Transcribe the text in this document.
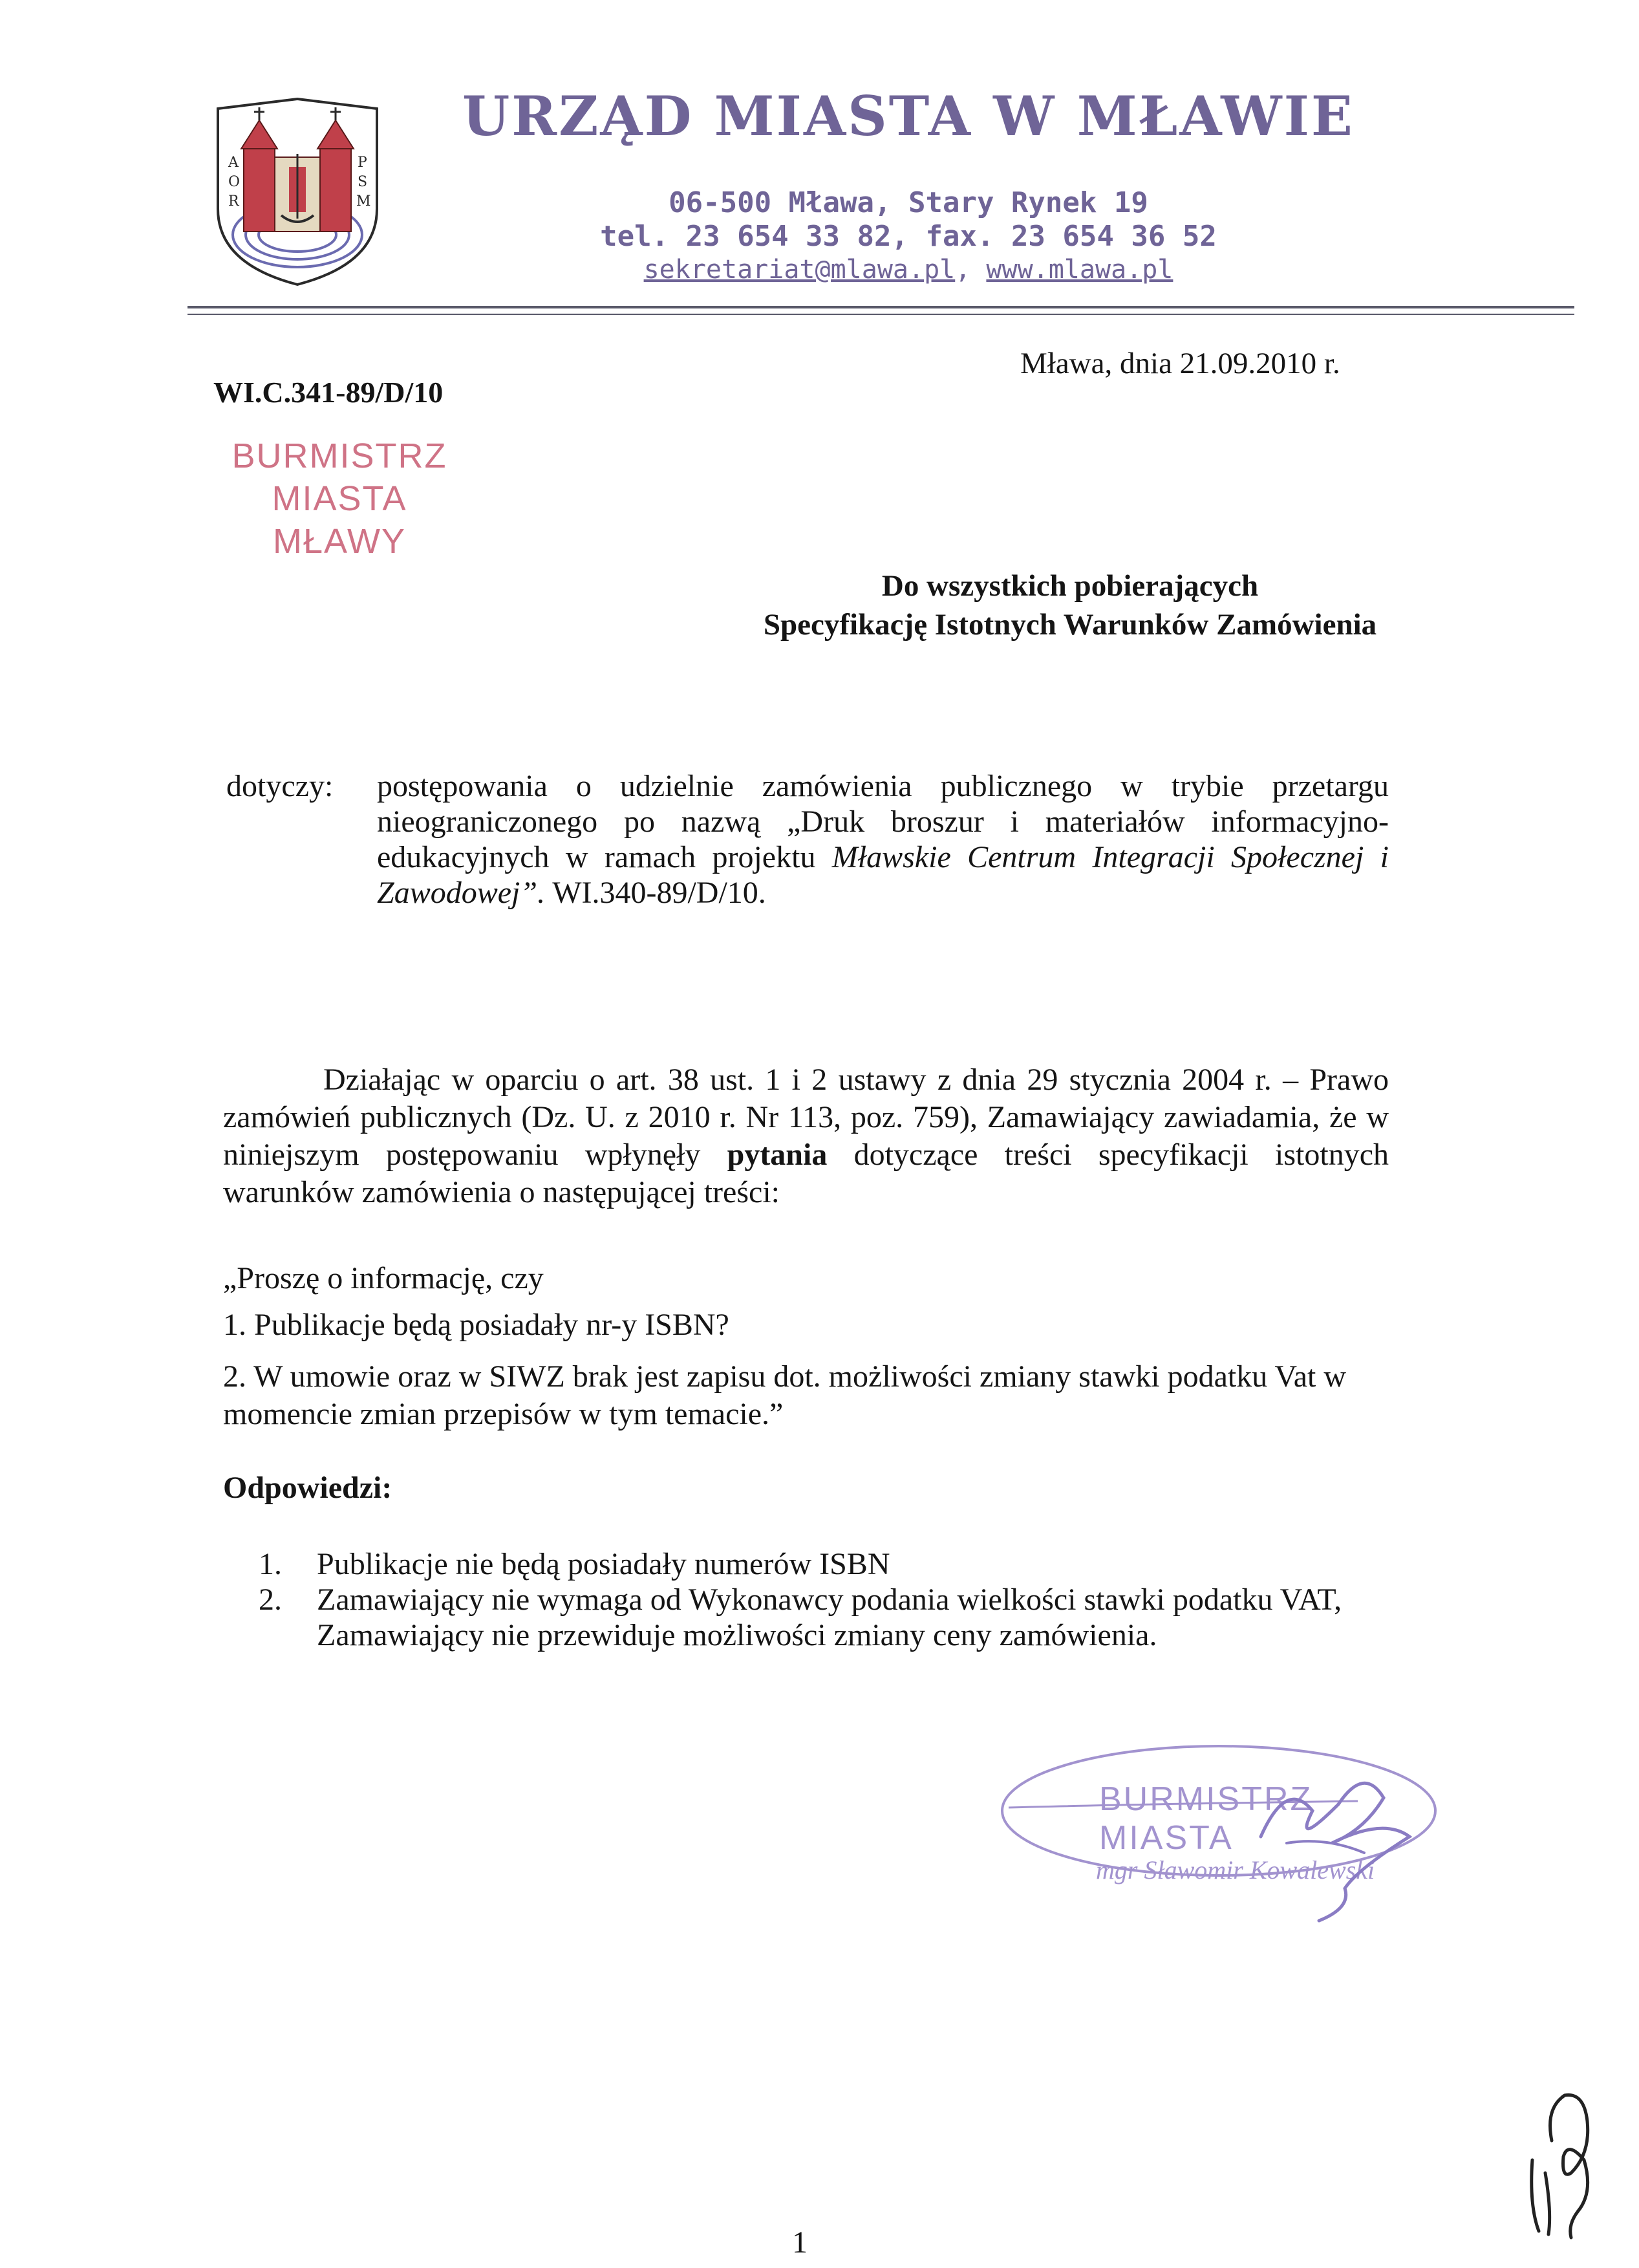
A
O
R
P
S
M
URZĄD MIASTA W MŁAWIE
06-500 Mława, Stary Rynek 19
tel. 23 654 33 82, fax. 23 654 36 52
sekretariat@mlawa.pl, www.mlawa.pl
WI.C.341-89/D/10
Mława, dnia 21.09.2010 r.
BURMISTRZ
MIASTA MŁAWY
Do wszystkich pobierających
Specyfikację Istotnych Warunków Zamówienia
dotyczy: postępowania o udzielnie zamówienia publicznego w trybie przetargu nieograniczonego po nazwą „Druk broszur i materiałów informacyjno-edukacyjnych w ramach projektu Mławskie Centrum Integracji Społecznej i Zawodowej”. WI.340-89/D/10.
Działając w oparciu o art. 38 ust. 1 i 2 ustawy z dnia 29 stycznia 2004 r. – Prawo zamówień publicznych (Dz. U. z 2010 r. Nr 113, poz. 759), Zamawiający zawiadamia, że w niniejszym postępowaniu wpłynęły pytania dotyczące treści specyfikacji istotnych warunków zamówienia o następującej treści:
„Proszę o informację, czy
1. Publikacje będą posiadały nr-y ISBN?
2. W umowie oraz w SIWZ brak jest zapisu dot. możliwości zmiany stawki podatku Vat w momencie zmian przepisów w tym temacie.”
Odpowiedzi:
1. Publikacje nie będą posiadały numerów ISBN
2. Zamawiający nie wymaga od Wykonawcy podania wielkości stawki podatku VAT,
Zamawiający nie przewiduje możliwości zmiany ceny zamówienia.
BURMISTRZ MIASTA
mgr Sławomir Kowalewski
1
